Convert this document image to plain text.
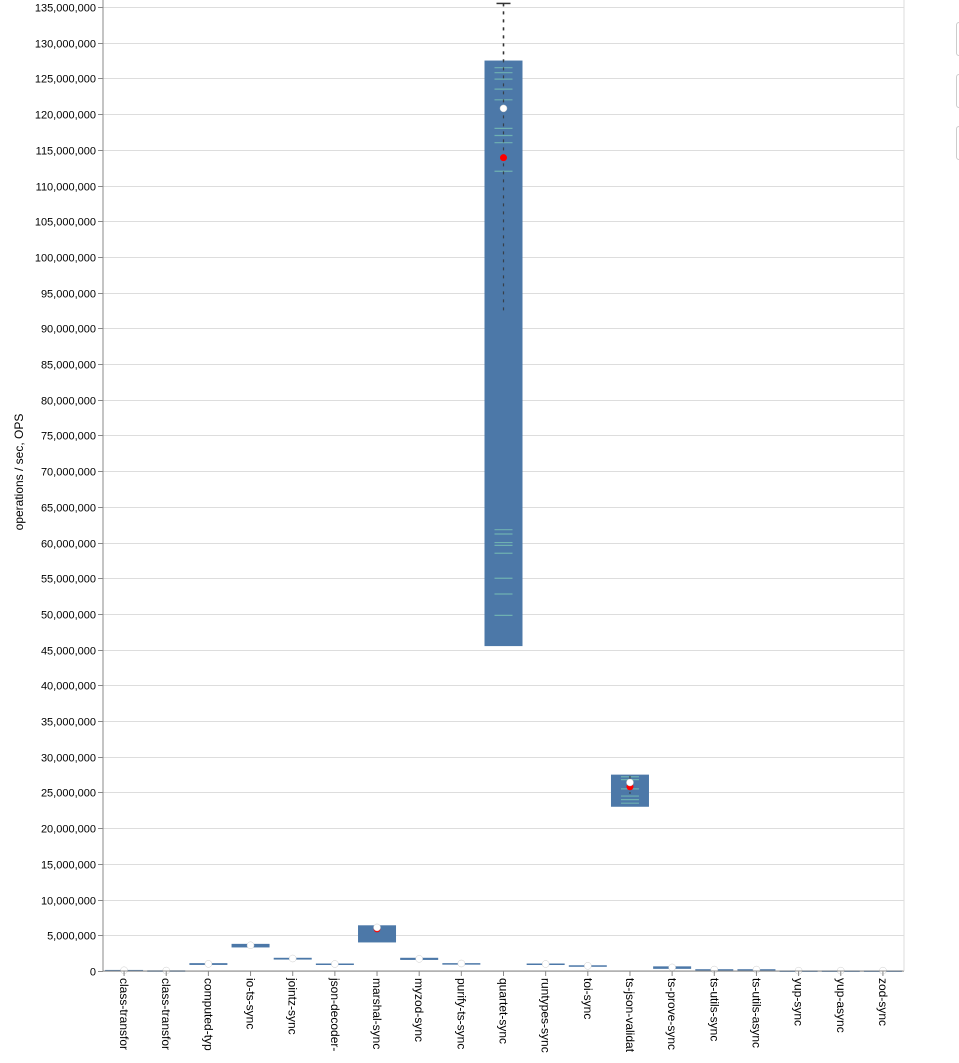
0
5,000,000
10,000,000
15,000,000
20,000,000
25,000,000
30,000,000
35,000,000
40,000,000
45,000,000
50,000,000
55,000,000
60,000,000
65,000,000
70,000,000
75,000,000
80,000,000
85,000,000
90,000,000
95,000,000
100,000,000
105,000,000
110,000,000
115,000,000
120,000,000
125,000,000
130,000,000
135,000,000
class-transfor class-transfor computed-typ io-ts-sync jointz-sync json-decoder- marshal-sync myzod-sync purify-ts-sync quartet-sync runtypes-sync toi-sync ts-json-validat ts-prove-sync ts-utils-sync ts-utils-async yup-sync yup-async zod-sync
operations / sec, OPS
